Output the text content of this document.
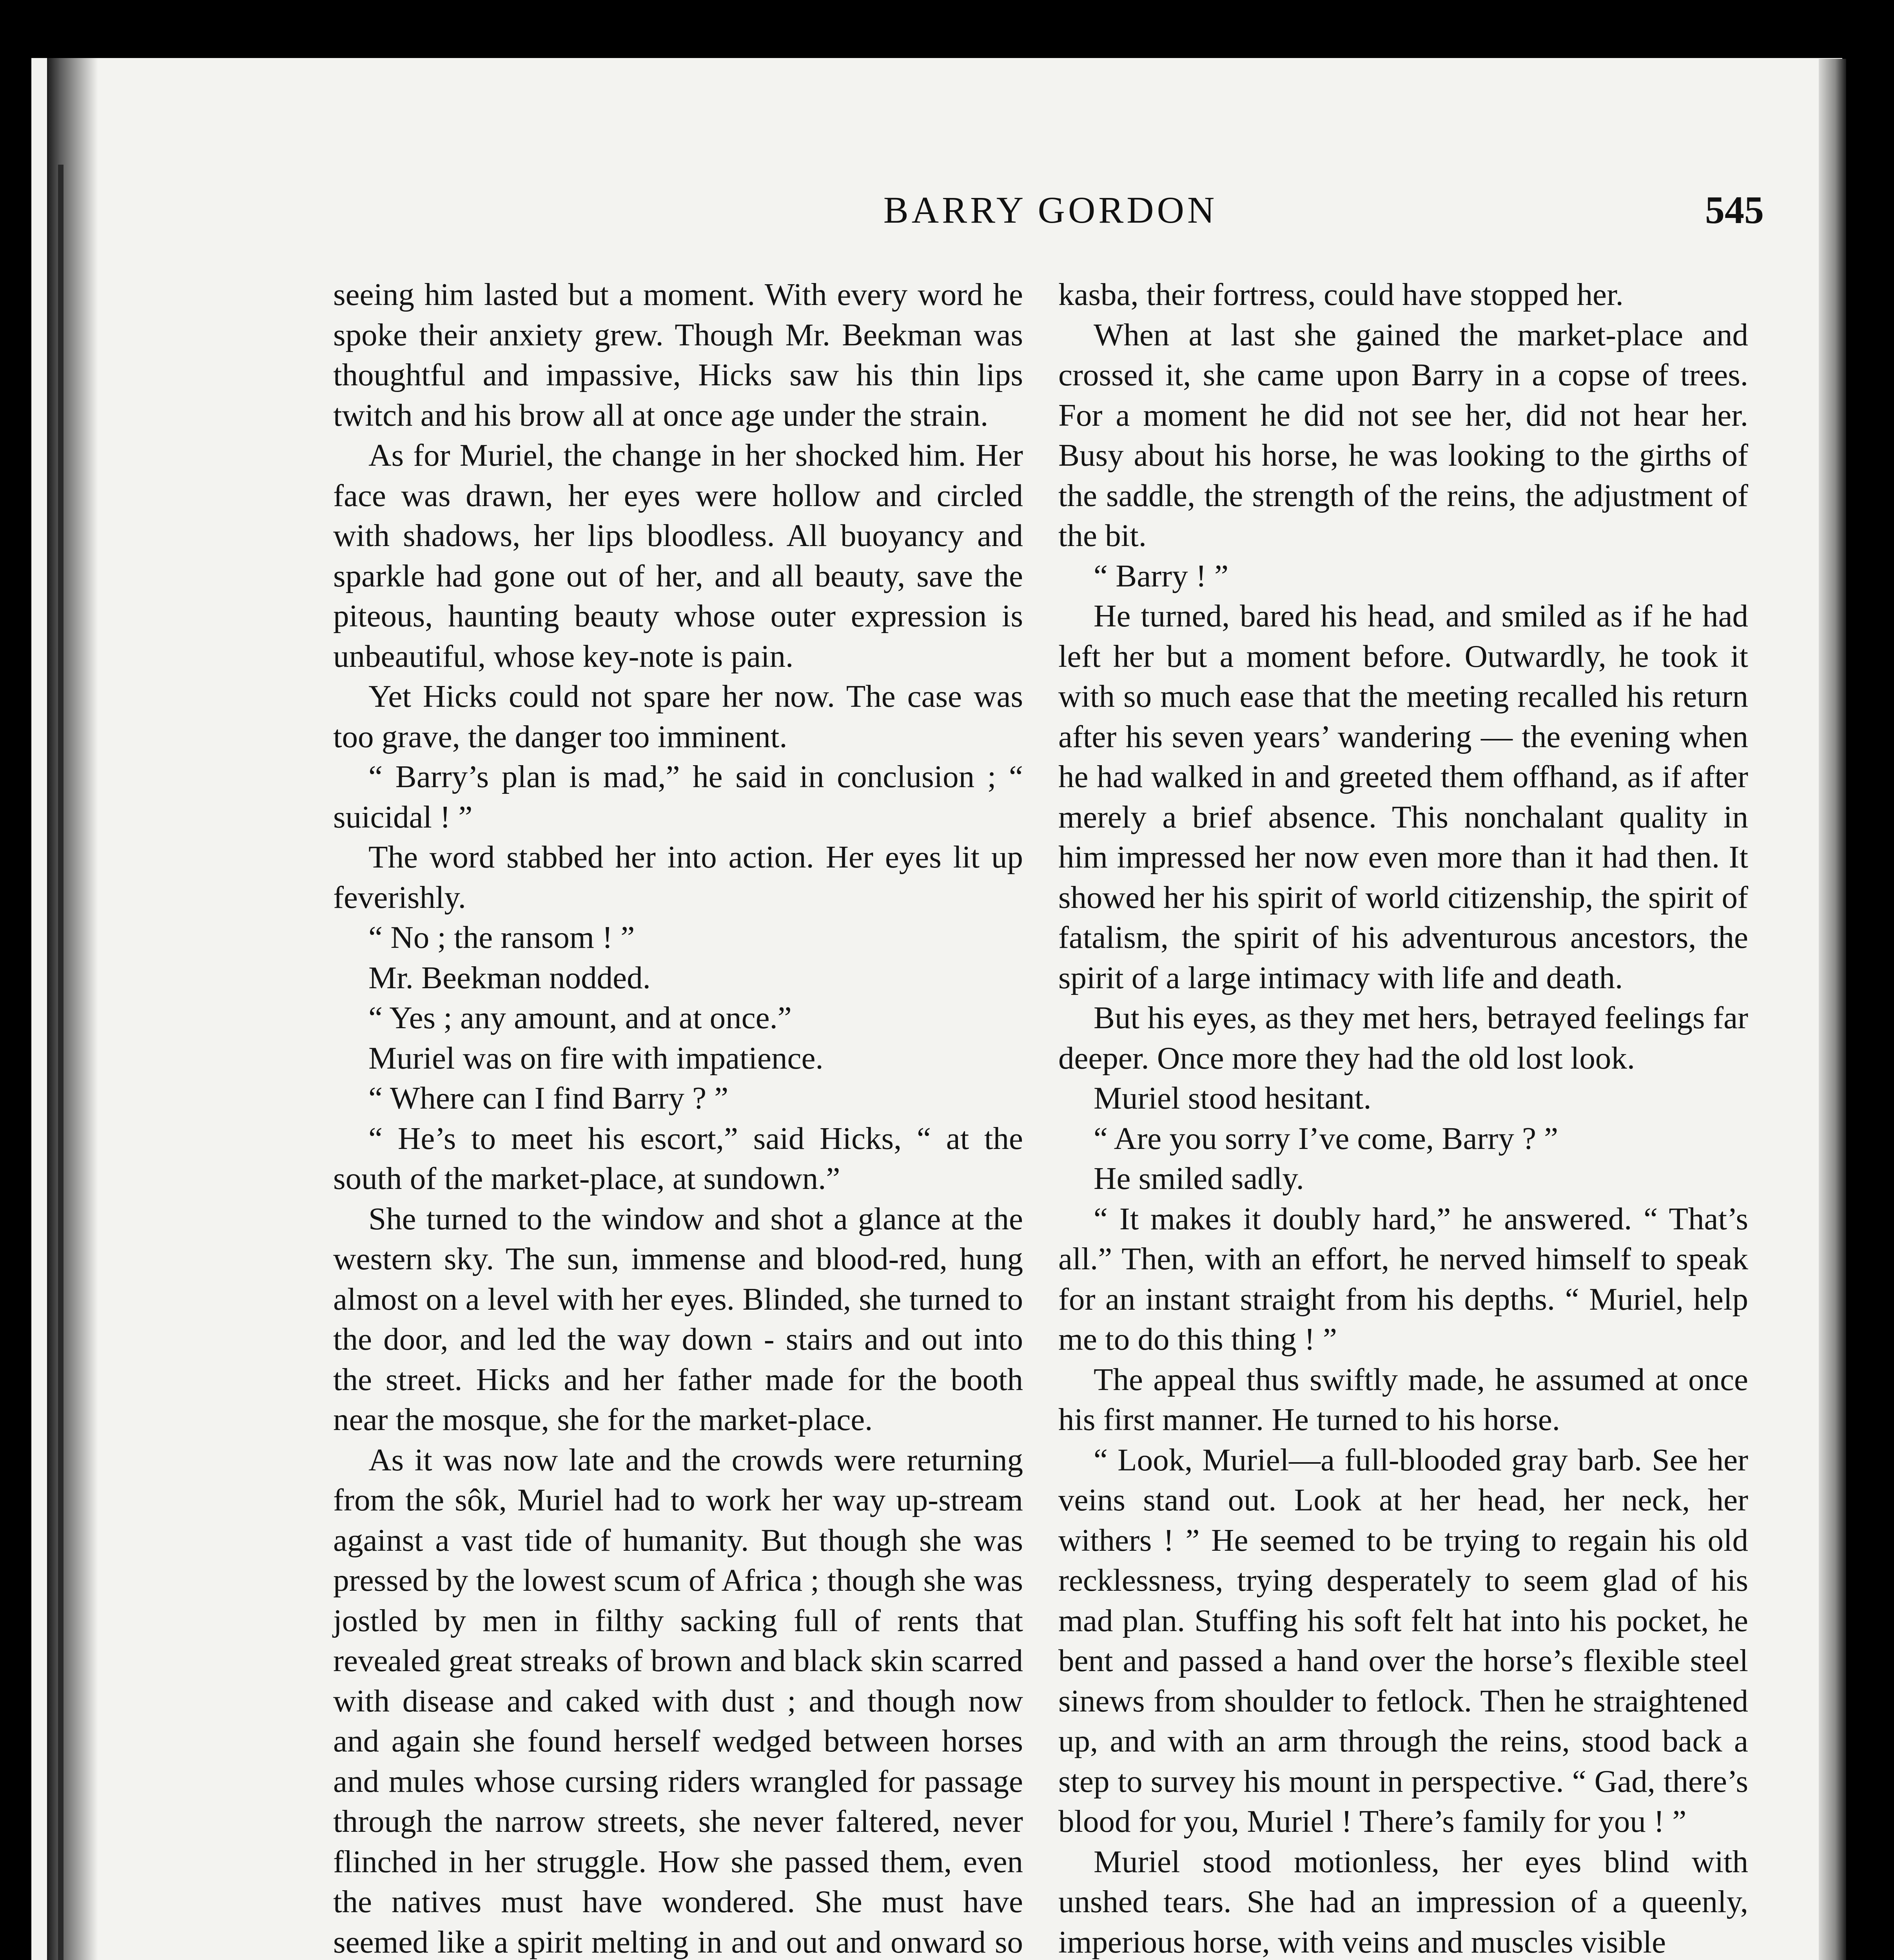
BARRY GORDON	545

seeing him lasted but a moment. With every word he spoke their anxiety grew. Though Mr. Beekman was thoughtful and impassive, Hicks saw his thin lips twitch and his brow all at once age under the strain.

As for Muriel, the change in her shocked him. Her face was drawn, her eyes were hollow and circled with shadows, her lips bloodless. All buoyancy and sparkle had gone out of her, and all beauty, save the piteous, haunting beauty whose outer expression is unbeautiful, whose key-note is pain.

Yet Hicks could not spare her now. The case was too grave, the danger too imminent.

“ Barry’s plan is mad,” he said in conclusion ; “ suicidal ! ”

The word stabbed her into action. Her eyes lit up feverishly.

“ No ; the ransom ! ”

Mr. Beekman nodded.

“ Yes ; any amount, and at once.”

Muriel was on fire with impatience.

“ Where can I find Barry ? ”

“ He’s to meet his escort,” said Hicks, “ at the south of the market-place, at sundown.”

She turned to the window and shot a glance at the western sky. The sun, immense and blood-red, hung almost on a level with her eyes. Blinded, she turned to the door, and led the way down - stairs and out into the street. Hicks and her father made for the booth near the mosque, she for the market-place.

As it was now late and the crowds were returning from the sôk, Muriel had to work her way up-stream against a vast tide of humanity. But though she was pressed by the lowest scum of Africa ; though she was jostled by men in filthy sacking full of rents that revealed great streaks of brown and black skin scarred with disease and caked with dust ; and though now and again she found herself wedged between horses and mules whose cursing riders wrangled for passage through the narrow streets, she never faltered, never flinched in her struggle. How she passed them, even the natives must have wondered. She must have seemed like a spirit melting in and out and onward so

kasba, their fortress, could have stopped her.

When at last she gained the market-place and crossed it, she came upon Barry in a copse of trees. For a moment he did not see her, did not hear her. Busy about his horse, he was looking to the girths of the saddle, the strength of the reins, the adjustment of the bit.

“ Barry ! ”

He turned, bared his head, and smiled as if he had left her but a moment before. Outwardly, he took it with so much ease that the meeting recalled his return after his seven years’ wandering — the evening when he had walked in and greeted them offhand, as if after merely a brief absence. This nonchalant quality in him impressed her now even more than it had then. It showed her his spirit of world citizenship, the spirit of fatalism, the spirit of his adventurous ancestors, the spirit of a large intimacy with life and death.

But his eyes, as they met hers, betrayed feelings far deeper. Once more they had the old lost look.

Muriel stood hesitant.

“ Are you sorry I’ve come, Barry ? ”

He smiled sadly.

“ It makes it doubly hard,” he answered. “ That’s all.” Then, with an effort, he nerved himself to speak for an instant straight from his depths. “ Muriel, help me to do this thing ! ”

The appeal thus swiftly made, he assumed at once his first manner. He turned to his horse.

“ Look, Muriel—a full-blooded gray barb. See her veins stand out. Look at her head, her neck, her withers ! ” He seemed to be trying to regain his old recklessness, trying desperately to seem glad of his mad plan. Stuffing his soft felt hat into his pocket, he bent and passed a hand over the horse’s flexible steel sinews from shoulder to fetlock. Then he straightened up, and with an arm through the reins, stood back a step to survey his mount in perspective. “ Gad, there’s blood for you, Muriel ! There’s family for you ! ”

Muriel stood motionless, her eyes blind with unshed tears. She had an impression of a queenly, imperious horse, with veins and muscles visible
